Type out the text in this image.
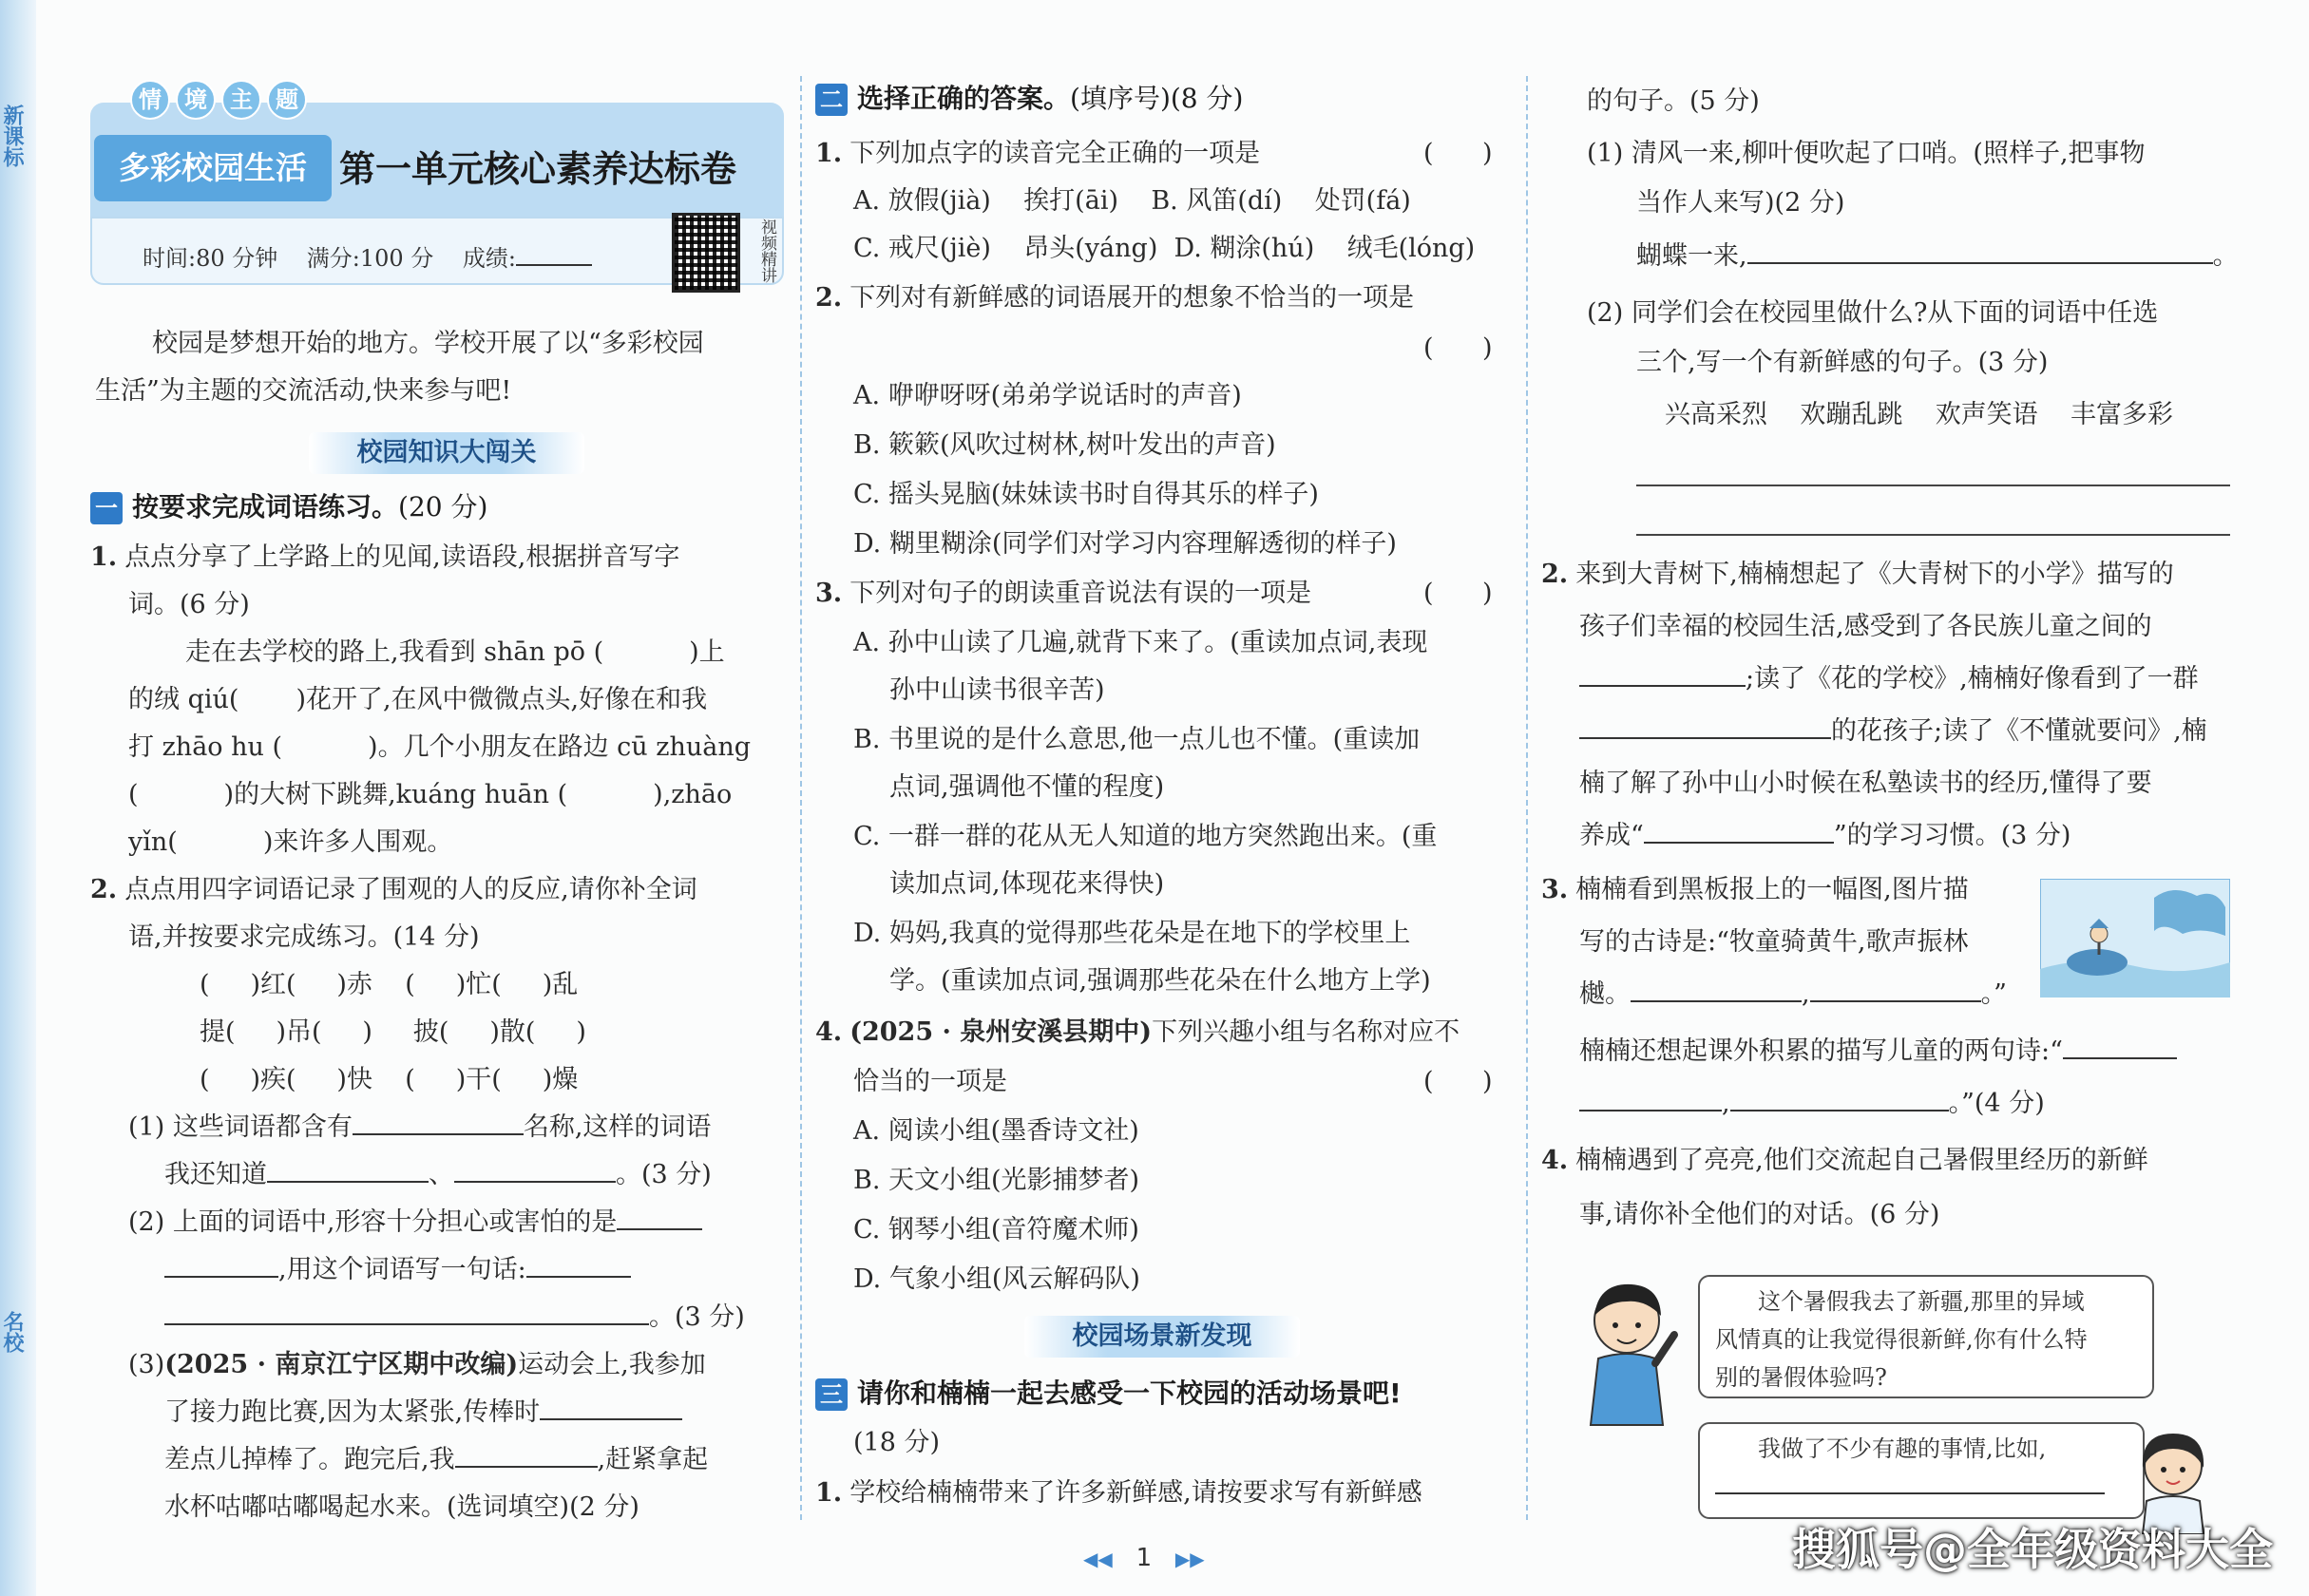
新课标
名校
情	境	主	题
多彩校园生活 第一单元核心素养达标卷
时间:80 分钟 满分:100 分 成绩:	视频精讲
校园是梦想开始的地方。学校开展了以“多彩校园
生活”为主题的交流活动,快来参与吧!
校园知识大闯关
一 按要求完成词语练习。(20 分)
1. 点点分享了上学路上的见闻,读语段,根据拼音写字
词。(6 分)
走在去学校的路上,我看到 shān pō (	)上
的绒 qiú( )花开了,在风中微微点头,好像在和我
打 zhāo hu (	)。几个小朋友在路边 cū zhuàng
(	)的大树下跳舞,kuáng huān (	),zhāo
yǐn(	)来许多人围观。
2. 点点用四字词语记录了围观的人的反应,请你补全词
语,并按要求完成练习。(14 分)
(     )红(     )赤    (     )忙(     )乱
提(     )吊(     )     披(     )散(     )
(     )疾(     )快    (     )干(     )燥
(1) 这些词语都含有	名称,这样的词语
我还知道	、	。(3 分)
(2) 上面的词语中,形容十分担心或害怕的是
,用这个词语写一句话:
。(3 分)
(3)(2025 · 南京江宁区期中改编)运动会上,我参加
了接力跑比赛,因为太紧张,传棒时
差点儿掉棒了。跑完后,我	,赶紧拿起
水杯咕嘟咕嘟喝起水来。(选词填空)(2 分)
二 选择正确的答案。(填序号)(8 分)
1. 下列加点字的读音完全正确的一项是	(      )
A. 放假(jià) 挨打(āi) B. 风笛(dí) 处罚(fá)
C. 戒尺(jiè) 昂头(yáng) D. 糊涂(hú) 绒毛(lóng)
2. 下列对有新鲜感的词语展开的想象不恰当的一项是
(      )
A. 咿咿呀呀(弟弟学说话时的声音)
B. 簌簌(风吹过树林,树叶发出的声音)
C. 摇头晃脑(妹妹读书时自得其乐的样子)
D. 糊里糊涂(同学们对学习内容理解透彻的样子)
3. 下列对句子的朗读重音说法有误的一项是	(      )
A. 孙中山读了几遍,就背下来了。(重读加点词,表现
孙中山读书很辛苦)
B. 书里说的是什么意思,他一点儿也不懂。(重读加
点词,强调他不懂的程度)
C. 一群一群的花从无人知道的地方突然跑出来。(重
读加点词,体现花来得快)
D. 妈妈,我真的觉得那些花朵是在地下的学校里上
学。(重读加点词,强调那些花朵在什么地方上学)
4. (2025 · 泉州安溪县期中)下列兴趣小组与名称对应不
恰当的一项是	(      )
A. 阅读小组(墨香诗文社)
B. 天文小组(光影捕梦者)
C. 钢琴小组(音符魔术师)
D. 气象小组(风云解码队)
校园场景新发现
三 请你和楠楠一起去感受一下校园的活动场景吧!
(18 分)
1. 学校给楠楠带来了许多新鲜感,请按要求写有新鲜感
的句子。(5 分)
(1) 清风一来,柳叶便吹起了口哨。(照样子,把事物
当作人来写)(2 分)
蝴蝶一来,	。
(2) 同学们会在校园里做什么?从下面的词语中任选
三个,写一个有新鲜感的句子。(3 分)
兴高采烈 欢蹦乱跳 欢声笑语 丰富多彩
2. 来到大青树下,楠楠想起了《大青树下的小学》描写的
孩子们幸福的校园生活,感受到了各民族儿童之间的
;读了《花的学校》,楠楠好像看到了一群
的花孩子;读了《不懂就要问》,楠
楠了解了孙中山小时候在私塾读书的经历,懂得了要
养成“	”的学习习惯。(3 分)
3. 楠楠看到黑板报上的一幅图,图片描
写的古诗是:“牧童骑黄牛,歌声振林
樾。	,	。”
楠楠还想起课外积累的描写儿童的两句诗:“
,	。”(4 分)
4. 楠楠遇到了亮亮,他们交流起自己暑假里经历的新鲜
事,请你补全他们的对话。(6 分)
这个暑假我去了新疆,那里的异域
风情真的让我觉得很新鲜,你有什么特
别的暑假体验吗?
我做了不少有趣的事情,比如,
◀◀ 1 ▶▶	搜狐号@全年级资料大全
